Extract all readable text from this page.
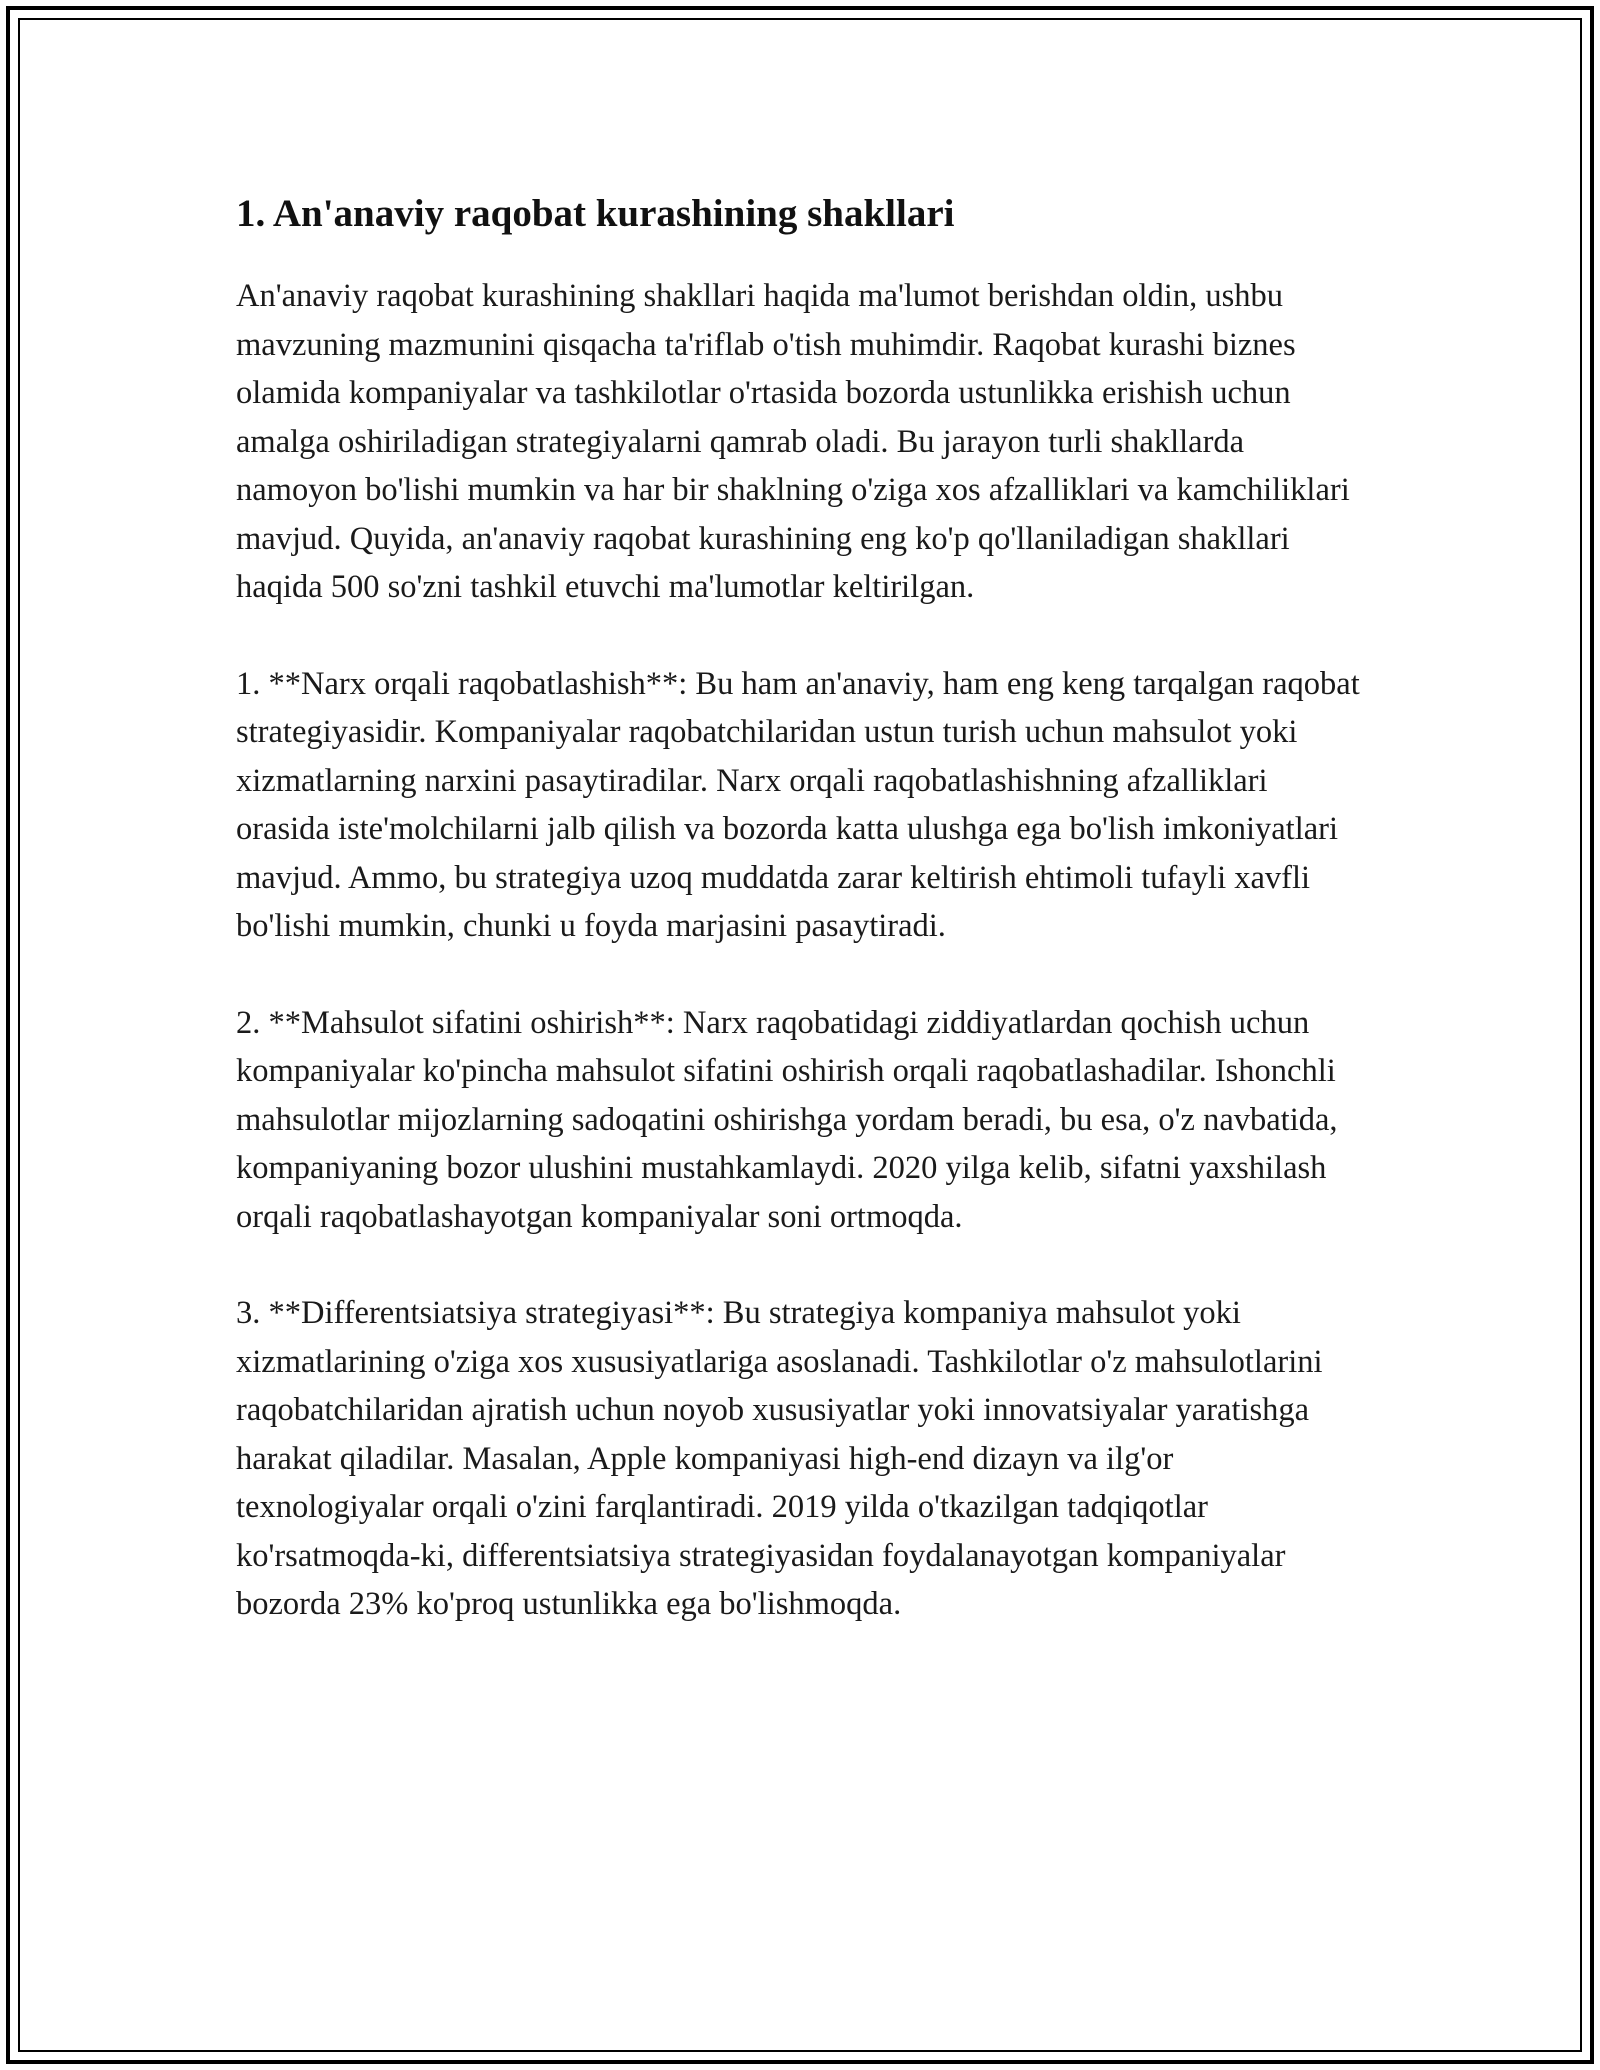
1. An'anaviy raqobat kurashining shakllari

An'anaviy raqobat kurashining shakllari haqida ma'lumot berishdan oldin, ushbu mavzuning mazmunini qisqacha ta'riflab o'tish muhimdir. Raqobat kurashi biznes olamida kompaniyalar va tashkilotlar o'rtasida bozorda ustunlikka erishish uchun amalga oshiriladigan strategiyalarni qamrab oladi. Bu jarayon turli shakllarda namoyon bo'lishi mumkin va har bir shaklning o'ziga xos afzalliklari va kamchiliklari mavjud. Quyida, an'anaviy raqobat kurashining eng ko'p qo'llaniladigan shakllari haqida 500 so'zni tashkil etuvchi ma'lumotlar keltirilgan.

1. **Narx orqali raqobatlashish**: Bu ham an'anaviy, ham eng keng tarqalgan raqobat strategiyasidir. Kompaniyalar raqobatchilaridan ustun turish uchun mahsulot yoki xizmatlarning narxini pasaytiradilar. Narx orqali raqobatlashishning afzalliklari orasida iste'molchilarni jalb qilish va bozorda katta ulushga ega bo'lish imkoniyatlari mavjud. Ammo, bu strategiya uzoq muddatda zarar keltirish ehtimoli tufayli xavfli bo'lishi mumkin, chunki u foyda marjasini pasaytiradi.

2. **Mahsulot sifatini oshirish**: Narx raqobatidagi ziddiyatlardan qochish uchun kompaniyalar ko'pincha mahsulot sifatini oshirish orqali raqobatlashadilar. Ishonchli mahsulotlar mijozlarning sadoqatini oshirishga yordam beradi, bu esa, o'z navbatida, kompaniyaning bozor ulushini mustahkamlaydi. 2020 yilga kelib, sifatni yaxshilash orqali raqobatlashayotgan kompaniyalar soni ortmoqda.

3. **Differentsiatsiya strategiyasi**: Bu strategiya kompaniya mahsulot yoki xizmatlarining o'ziga xos xususiyatlariga asoslanadi. Tashkilotlar o'z mahsulotlarini raqobatchilaridan ajratish uchun noyob xususiyatlar yoki innovatsiyalar yaratishga harakat qiladilar. Masalan, Apple kompaniyasi high-end dizayn va ilg'or texnologiyalar orqali o'zini farqlantiradi. 2019 yilda o'tkazilgan tadqiqotlar ko'rsatmoqda-ki, differentsiatsiya strategiyasidan foydalanayotgan kompaniyalar bozorda 23% ko'proq ustunlikka ega bo'lishmoqda.
